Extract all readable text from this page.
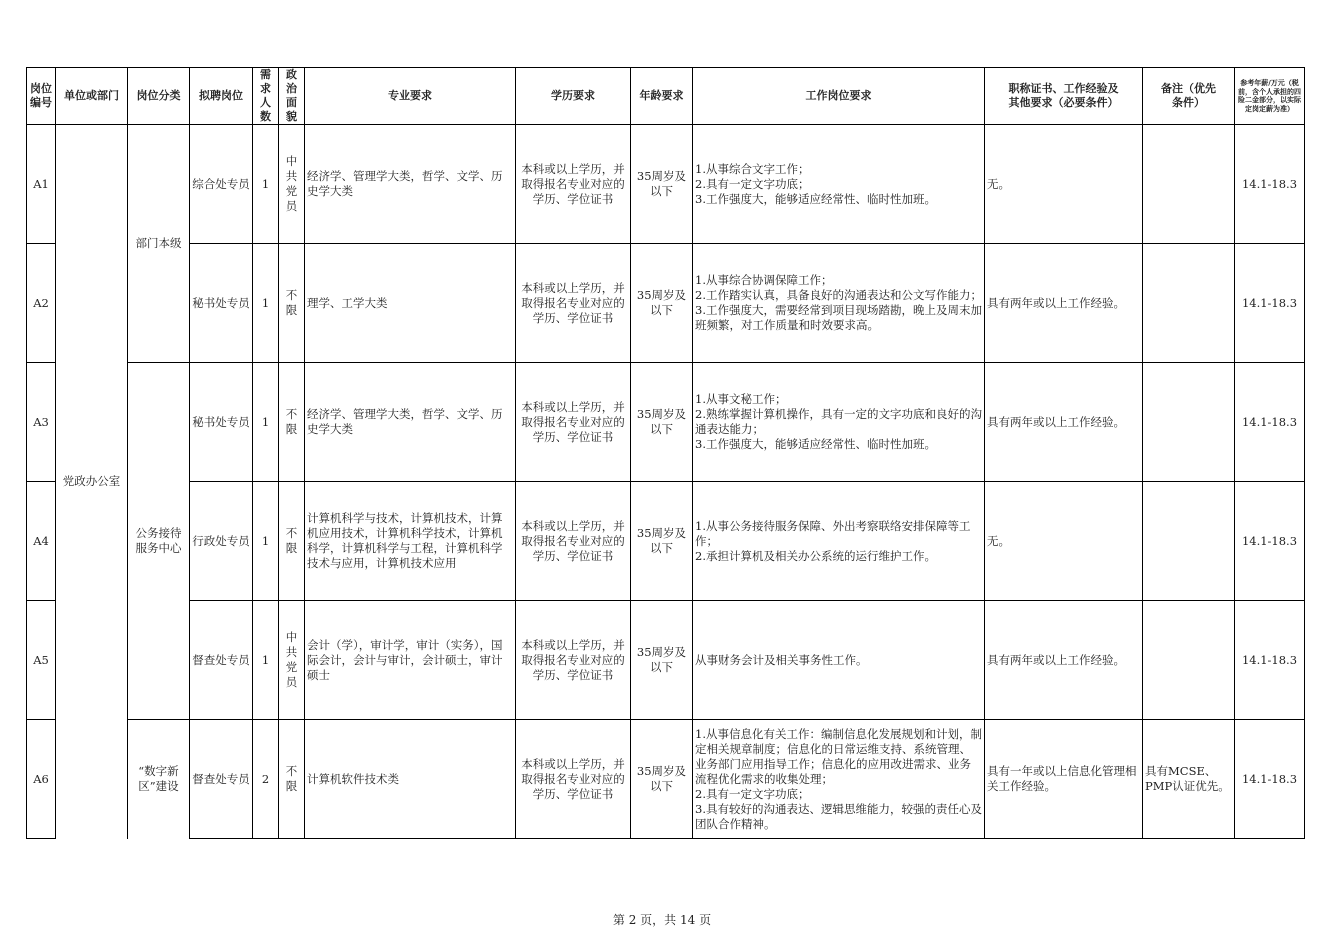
岗位编号	单位或部门	岗位分类	拟聘岗位	需求人数	政治面貌	专业要求	学历要求	年龄要求	工作岗位要求	职称证书、工作经验及其他要求（必要条件）	备注（优先条件）	参考年薪/万元（税前，含个人承担的四险二金部分，以实际定岗定薪为准）
A1	党政办公室	部门本级	综合处专员	1	中共党员	经济学、管理学大类，哲学、文学、历史学大类	本科或以上学历，并取得报名专业对应的学历、学位证书	35周岁及以下	1.从事综合文字工作；
2.具有一定文字功底；
3.工作强度大，能够适应经常性、临时性加班。	无。		14.1-18.3
A2			秘书处专员	1	不限	理学、工学大类	本科或以上学历，并取得报名专业对应的学历、学位证书	35周岁及以下	1.从事综合协调保障工作；
2.工作踏实认真，具备良好的沟通表达和公文写作能力；
3.工作强度大，需要经常到项目现场踏勘，晚上及周末加班频繁，对工作质量和时效要求高。	具有两年或以上工作经验。		14.1-18.3
A3		公务接待服务中心	秘书处专员	1	不限	经济学、管理学大类，哲学、文学、历史学大类	本科或以上学历，并取得报名专业对应的学历、学位证书	35周岁及以下	1.从事文秘工作；
2.熟练掌握计算机操作，具有一定的文字功底和良好的沟通表达能力；
3.工作强度大，能够适应经常性、临时性加班。	具有两年或以上工作经验。		14.1-18.3
A4			行政处专员	1	不限	计算机科学与技术，计算机技术，计算机应用技术，计算机科学技术，计算机科学，计算机科学与工程，计算机科学技术与应用，计算机技术应用	本科或以上学历，并取得报名专业对应的学历、学位证书	35周岁及以下	1.从事公务接待服务保障、外出考察联络安排保障等工作；
2.承担计算机及相关办公系统的运行维护工作。	无。		14.1-18.3
A5			督查处专员	1	中共党员	会计（学），审计学，审计（实务），国际会计，会计与审计，会计硕士，审计硕士	本科或以上学历，并取得报名专业对应的学历、学位证书	35周岁及以下	从事财务会计及相关事务性工作。	具有两年或以上工作经验。		14.1-18.3
A6		“数字新区”建设	督查处专员	2	不限	计算机软件技术类	本科或以上学历，并取得报名专业对应的学历、学位证书	35周岁及以下	1.从事信息化有关工作：编制信息化发展规划和计划，制定相关规章制度；信息化的日常运维支持、系统管理、业务部门应用指导工作；信息化的应用改进需求、业务流程优化需求的收集处理；
2.具有一定文字功底；
3.具有较好的沟通表达、逻辑思维能力，较强的责任心及团队合作精神。	具有一年或以上信息化管理相关工作经验。	具有MCSE、PMP认证优先。	14.1-18.3
第 2 页，共 14 页
